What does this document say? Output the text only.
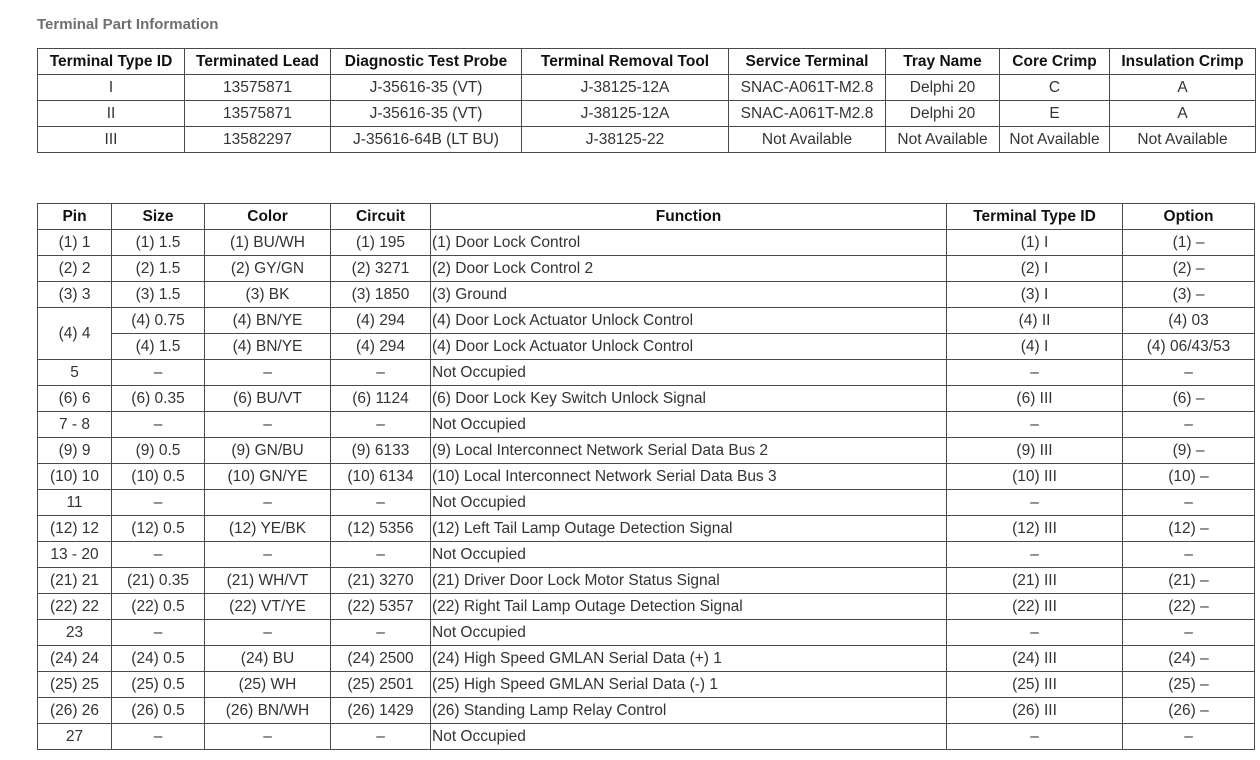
Terminal Part Information
Terminal Type ID	Terminated Lead	Diagnostic Test Probe	Terminal Removal Tool	Service Terminal	Tray Name	Core Crimp	Insulation Crimp
I	13575871	J-35616-35 (VT)	J-38125-12A	SNAC-A061T-M2.8	Delphi 20	C	A
II	13575871	J-35616-35 (VT)	J-38125-12A	SNAC-A061T-M2.8	Delphi 20	E	A
III	13582297	J-35616-64B (LT BU)	J-38125-22	Not Available	Not Available	Not Available	Not Available
Pin	Size	Color	Circuit	Function	Terminal Type ID	Option
(1) 1	(1) 1.5	(1) BU/WH	(1) 195	(1) Door Lock Control	(1) I	(1) –
(2) 2	(2) 1.5	(2) GY/GN	(2) 3271	(2) Door Lock Control 2	(2) I	(2) –
(3) 3	(3) 1.5	(3) BK	(3) 1850	(3) Ground	(3) I	(3) –
(4) 4	(4) 0.75	(4) BN/YE	(4) 294	(4) Door Lock Actuator Unlock Control	(4) II	(4) 03
	(4) 1.5	(4) BN/YE	(4) 294	(4) Door Lock Actuator Unlock Control	(4) I	(4) 06/43/53
5	–	–	–	Not Occupied	–	–
(6) 6	(6) 0.35	(6) BU/VT	(6) 1124	(6) Door Lock Key Switch Unlock Signal	(6) III	(6) –
7 - 8	–	–	–	Not Occupied	–	–
(9) 9	(9) 0.5	(9) GN/BU	(9) 6133	(9) Local Interconnect Network Serial Data Bus 2	(9) III	(9) –
(10) 10	(10) 0.5	(10) GN/YE	(10) 6134	(10) Local Interconnect Network Serial Data Bus 3	(10) III	(10) –
11	–	–	–	Not Occupied	–	–
(12) 12	(12) 0.5	(12) YE/BK	(12) 5356	(12) Left Tail Lamp Outage Detection Signal	(12) III	(12) –
13 - 20	–	–	–	Not Occupied	–	–
(21) 21	(21) 0.35	(21) WH/VT	(21) 3270	(21) Driver Door Lock Motor Status Signal	(21) III	(21) –
(22) 22	(22) 0.5	(22) VT/YE	(22) 5357	(22) Right Tail Lamp Outage Detection Signal	(22) III	(22) –
23	–	–	–	Not Occupied	–	–
(24) 24	(24) 0.5	(24) BU	(24) 2500	(24) High Speed GMLAN Serial Data (+) 1	(24) III	(24) –
(25) 25	(25) 0.5	(25) WH	(25) 2501	(25) High Speed GMLAN Serial Data (-) 1	(25) III	(25) –
(26) 26	(26) 0.5	(26) BN/WH	(26) 1429	(26) Standing Lamp Relay Control	(26) III	(26) –
27	–	–	–	Not Occupied	–	–
